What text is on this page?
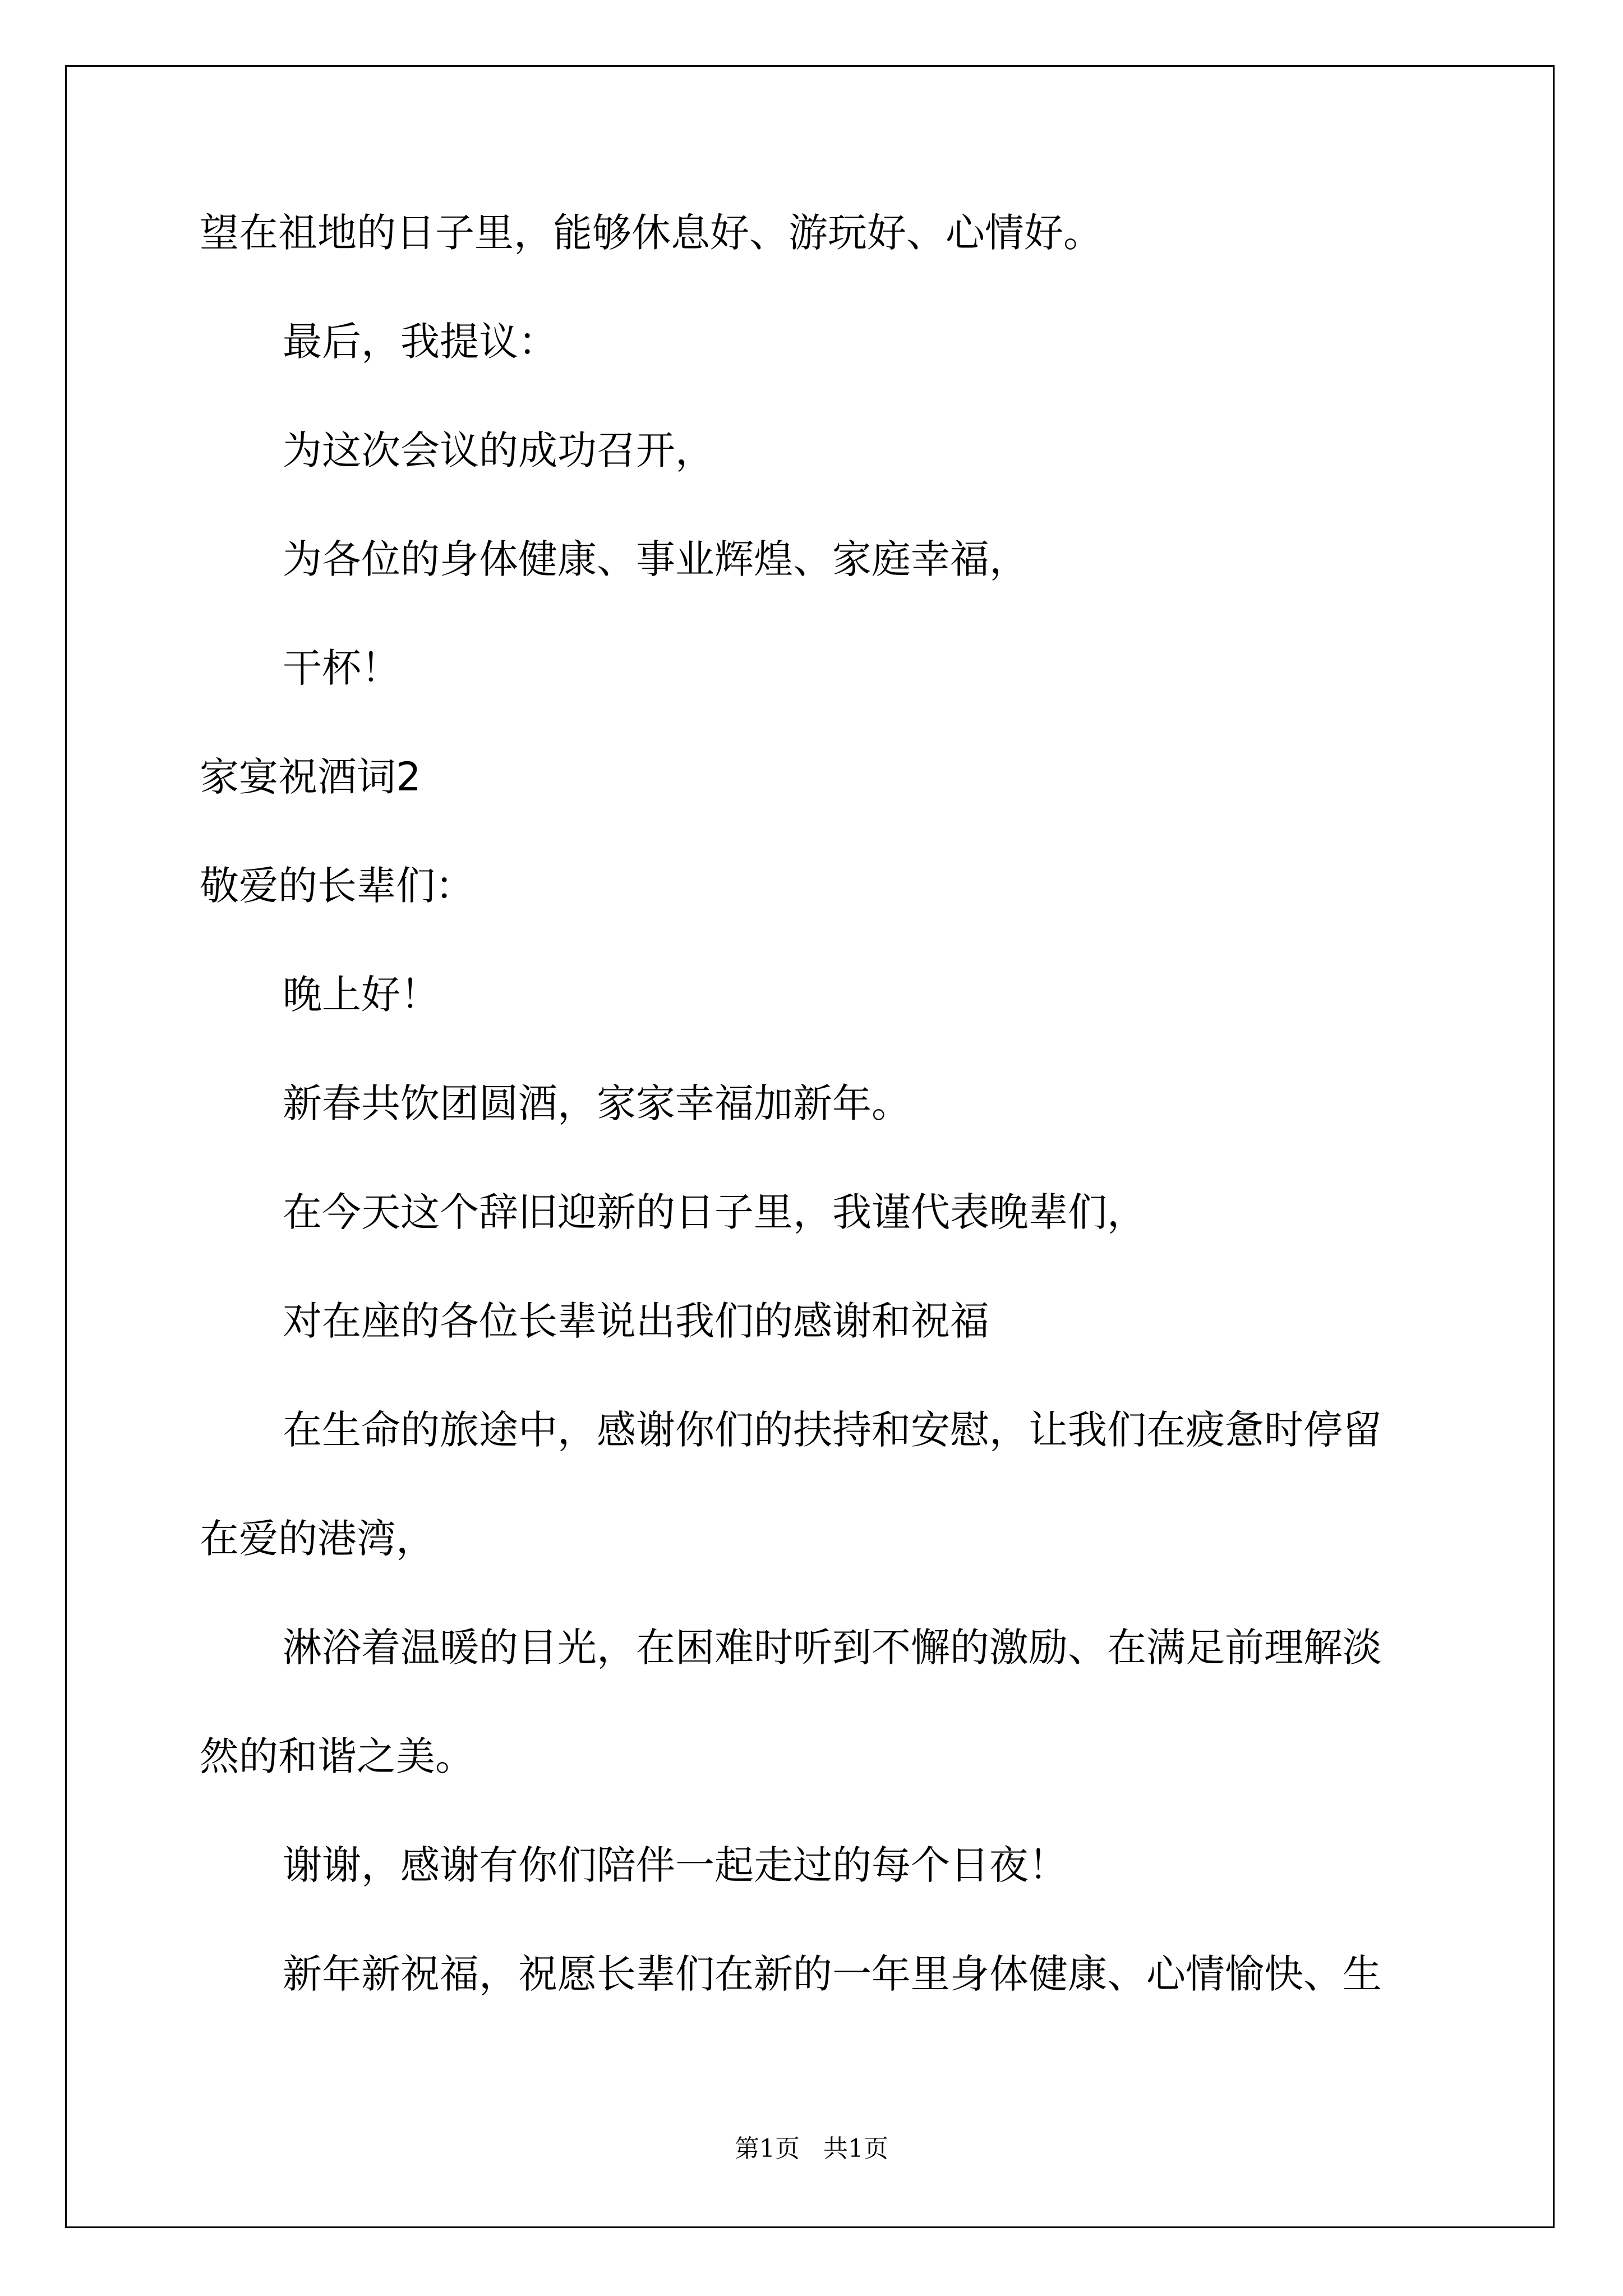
望在祖地的日子里，能够休息好、游玩好、心情好。
最后，我提议：
为这次会议的成功召开，
为各位的身体健康、事业辉煌、家庭幸福，
干杯！
家宴祝酒词2
敬爱的长辈们：
晚上好！
新春共饮团圆酒，家家幸福加新年。
在今天这个辞旧迎新的日子里，我谨代表晚辈们，
对在座的各位长辈说出我们的感谢和祝福
在生命的旅途中，感谢你们的扶持和安慰，让我们在疲惫时停留
在爱的港湾，
淋浴着温暖的目光，在困难时听到不懈的激励、在满足前理解淡
然的和谐之美。
谢谢，感谢有你们陪伴一起走过的每个日夜！
新年新祝福，祝愿长辈们在新的一年里身体健康、心情愉快、生
第1页 共1页
